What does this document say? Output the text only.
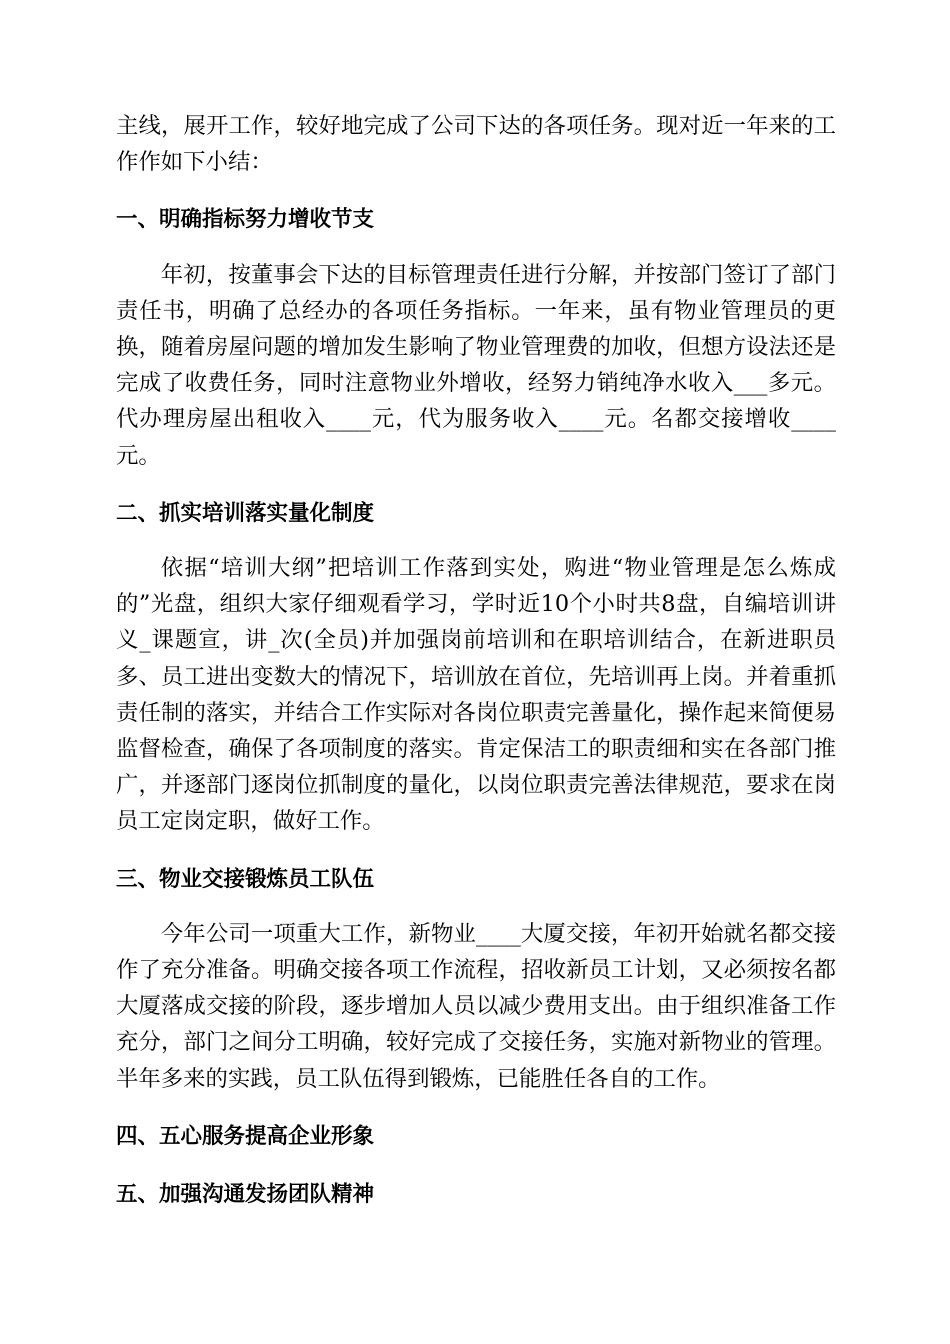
主线，展开工作，较好地完成了公司下达的各项任务。现对近一年来的工作作如下小结：

一、明确指标努力增收节支

年初，按董事会下达的目标管理责任进行分解，并按部门签订了部门责任书，明确了总经办的各项任务指标。一年来，虽有物业管理员的更换，随着房屋问题的增加发生影响了物业管理费的加收，但想方设法还是完成了收费任务，同时注意物业外增收，经努力销纯净水收入___多元。代办理房屋出租收入____元，代为服务收入____元。名都交接增收____元。

二、抓实培训落实量化制度

依据“培训大纲”把培训工作落到实处，购进“物业管理是怎么炼成的”光盘，组织大家仔细观看学习，学时近10个小时共8盘，自编培训讲义_课题宣，讲_次(全员)并加强岗前培训和在职培训结合，在新进职员多、员工进出变数大的情况下，培训放在首位，先培训再上岗。并着重抓责任制的落实，并结合工作实际对各岗位职责完善量化，操作起来简便易监督检查，确保了各项制度的落实。肯定保洁工的职责细和实在各部门推广，并逐部门逐岗位抓制度的量化，以岗位职责完善法律规范，要求在岗员工定岗定职，做好工作。

三、物业交接锻炼员工队伍

今年公司一项重大工作，新物业____大厦交接，年初开始就名都交接作了充分准备。明确交接各项工作流程，招收新员工计划，又必须按名都大厦落成交接的阶段，逐步增加人员以减少费用支出。由于组织准备工作充分，部门之间分工明确，较好完成了交接任务，实施对新物业的管理。半年多来的实践，员工队伍得到锻炼，已能胜任各自的工作。

四、五心服务提高企业形象
五、加强沟通发扬团队精神
